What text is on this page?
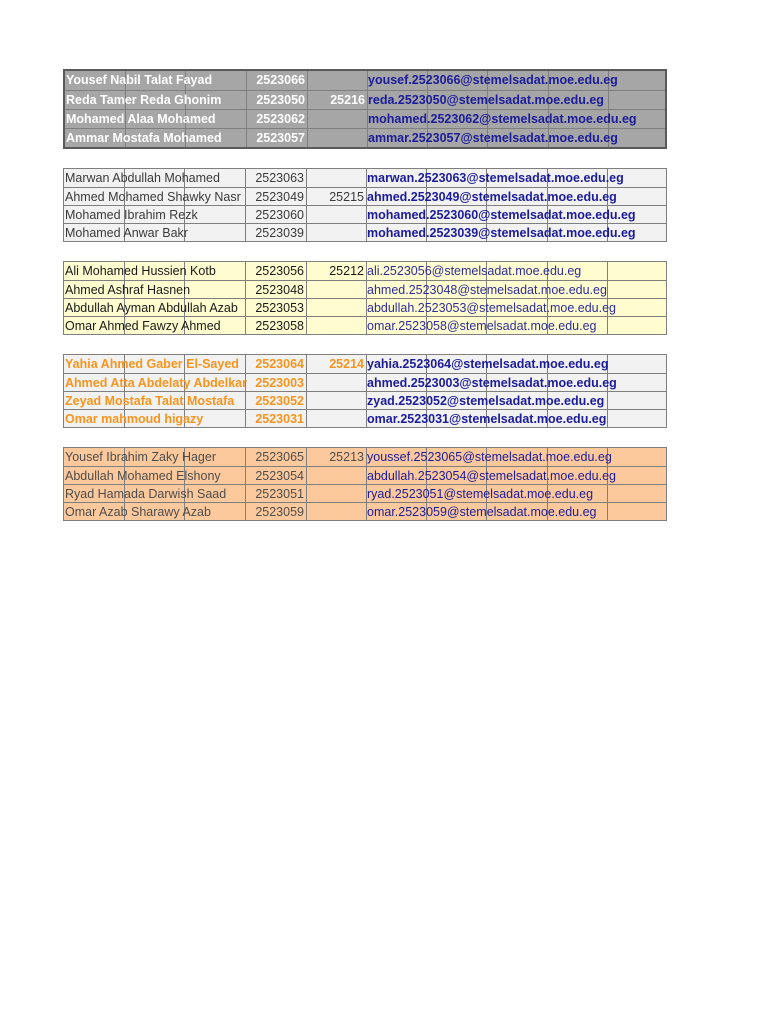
Yousef Nabil Talat Fayad	2523066	yousef.2523066@stemelsadat.moe.edu.eg
Reda Tamer Reda Ghonim	2523050	25216 reda.2523050@stemelsadat.moe.edu.eg
Mohamed Alaa Mohamed	2523062	mohamed.2523062@stemelsadat.moe.edu.eg
Ammar Mostafa Mohamed	2523057	ammar.2523057@stemelsadat.moe.edu.eg
Marwan Abdullah Mohamed	2523063	marwan.2523063@stemelsadat.moe.edu.eg
Ahmed Mohamed Shawky Nasr	2523049	25215 ahmed.2523049@stemelsadat.moe.edu.eg
Mohamed Ibrahim Rezk	2523060	mohamed.2523060@stemelsadat.moe.edu.eg
Mohamed Anwar Bakr	2523039	mohamed.2523039@stemelsadat.moe.edu.eg
Ali Mohamed Hussien Kotb	2523056	25212 ali.2523056@stemelsadat.moe.edu.eg
Ahmed Ashraf Hasnen	2523048	ahmed.2523048@stemelsadat.moe.edu.eg
Abdullah Ayman Abdullah Azab	2523053	abdullah.2523053@stemelsadat.moe.edu.eg
Omar Ahmed Fawzy Ahmed	2523058	omar.2523058@stemelsadat.moe.edu.eg
Yahia Ahmed Gaber El-Sayed	2523064	25214 yahia.2523064@stemelsadat.moe.edu.eg
Ahmed Atta Abdelaty Abdelkar 2523003	ahmed.2523003@stemelsadat.moe.edu.eg
Zeyad Mostafa Talat Mostafa	2523052	zyad.2523052@stemelsadat.moe.edu.eg
Omar mahmoud higazy	2523031	omar.2523031@stemelsadat.moe.edu.eg
Yousef Ibrahim Zaky Hager	2523065	25213 youssef.2523065@stemelsadat.moe.edu.eg
Abdullah Mohamed Elshony	2523054	abdullah.2523054@stemelsadat.moe.edu.eg
Ryad Hamada Darwish Saad	2523051	ryad.2523051@stemelsadat.moe.edu.eg
Omar Azab Sharawy Azab	2523059	omar.2523059@stemelsadat.moe.edu.eg
